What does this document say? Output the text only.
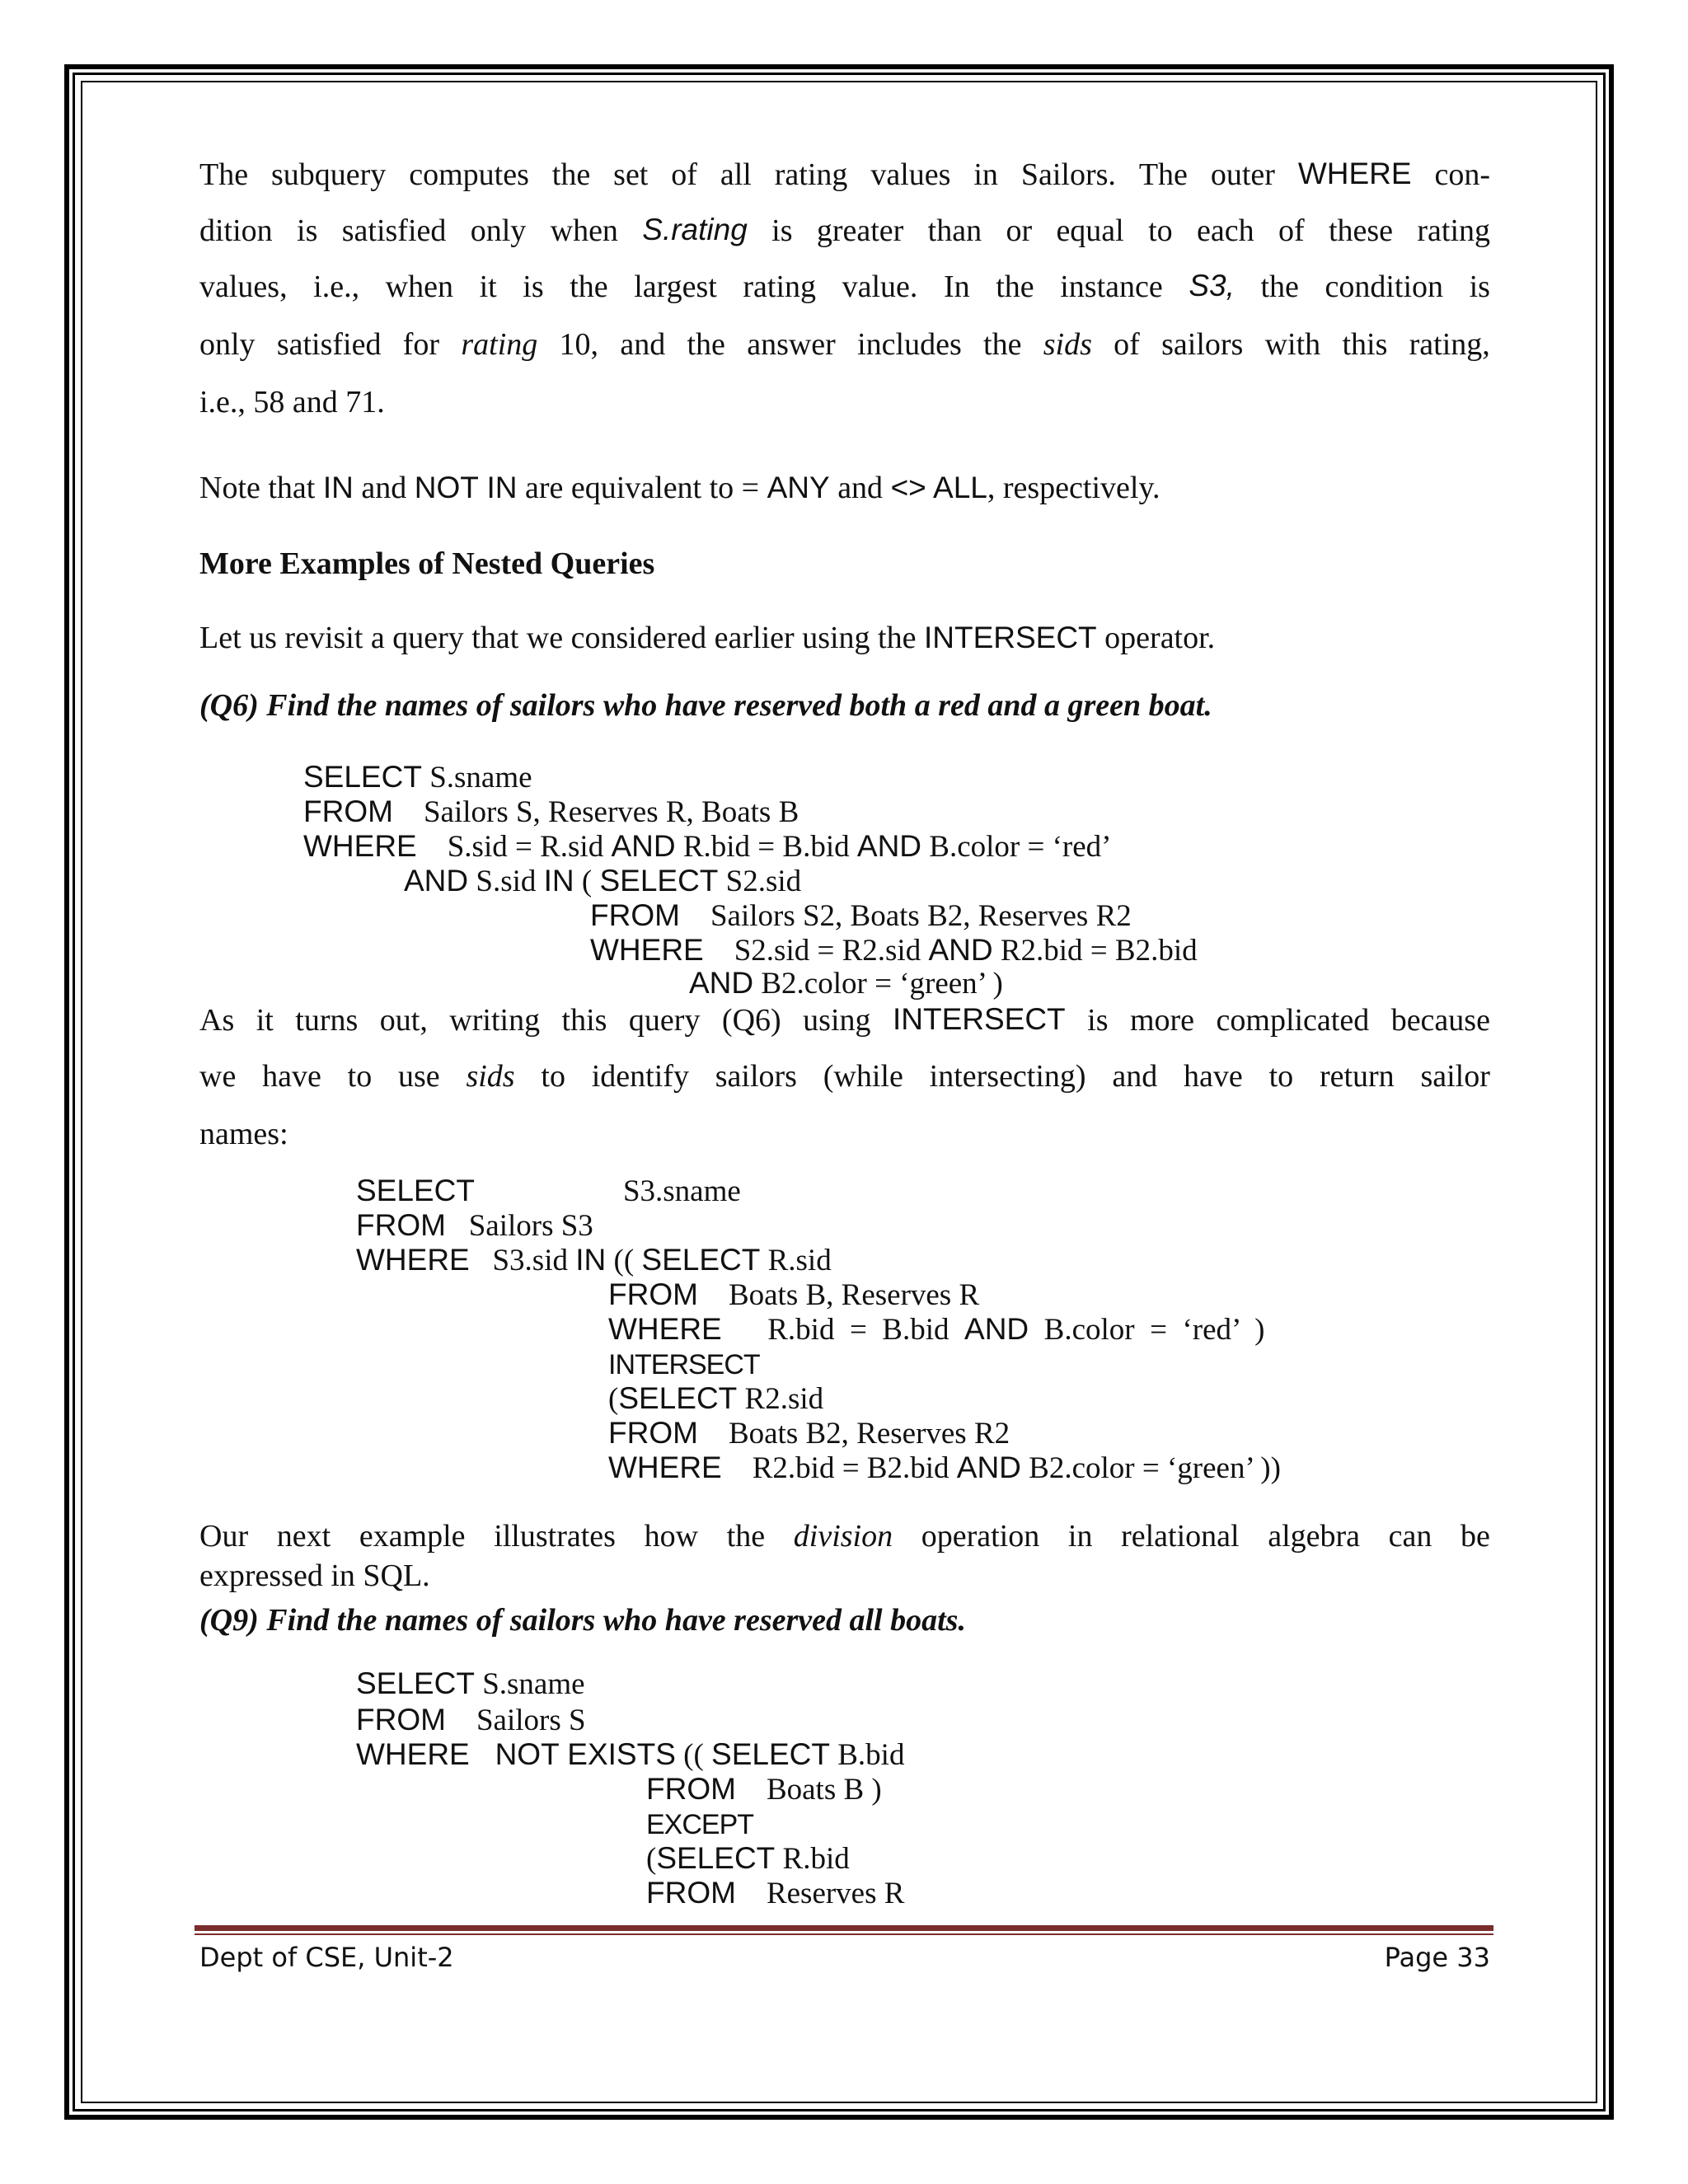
The subquery computes the set of all rating values in Sailors. The outer WHERE con-
dition is satisfied only when S.rating is greater than or equal to each of these rating
values, i.e., when it is the largest rating value. In the instance S3, the condition is
only satisfied for rating 10, and the answer includes the sids of sailors with this rating,
i.e., 58 and 71.
Note that IN and NOT IN are equivalent to = ANY and <> ALL, respectively.
More Examples of Nested Queries
Let us revisit a query that we considered earlier using the INTERSECT operator.
(Q6) Find the names of sailors who have reserved both a red and a green boat.
SELECT S.sname
FROM    Sailors S, Reserves R, Boats B
WHERE    S.sid = R.sid AND R.bid = B.bid AND B.color = ‘red’
AND S.sid IN ( SELECT S2.sid
FROM    Sailors S2, Boats B2, Reserves R2
WHERE    S2.sid = R2.sid AND R2.bid = B2.bid
AND B2.color = ‘green’ )
As it turns out, writing this query (Q6) using INTERSECT is more complicated because
we have to use sids to identify sailors (while intersecting) and have to return sailor
names:
SELECT	S3.sname
FROM   Sailors S3
WHERE   S3.sid IN (( SELECT R.sid
FROM    Boats B, Reserves R
WHERE      R.bid  =  B.bid  AND  B.color  =  ‘red’  )
INTERSECT
(SELECT R2.sid
FROM    Boats B2, Reserves R2
WHERE    R2.bid = B2.bid AND B2.color = ‘green’ ))
Our next example illustrates how the division operation in relational algebra can be
expressed in SQL.
(Q9) Find the names of sailors who have reserved all boats.
SELECT S.sname
FROM    Sailors S
WHERE   NOT EXISTS (( SELECT B.bid
FROM    Boats B )
EXCEPT
(SELECT R.bid
FROM    Reserves R
Dept of CSE, Unit-2	Page 33
